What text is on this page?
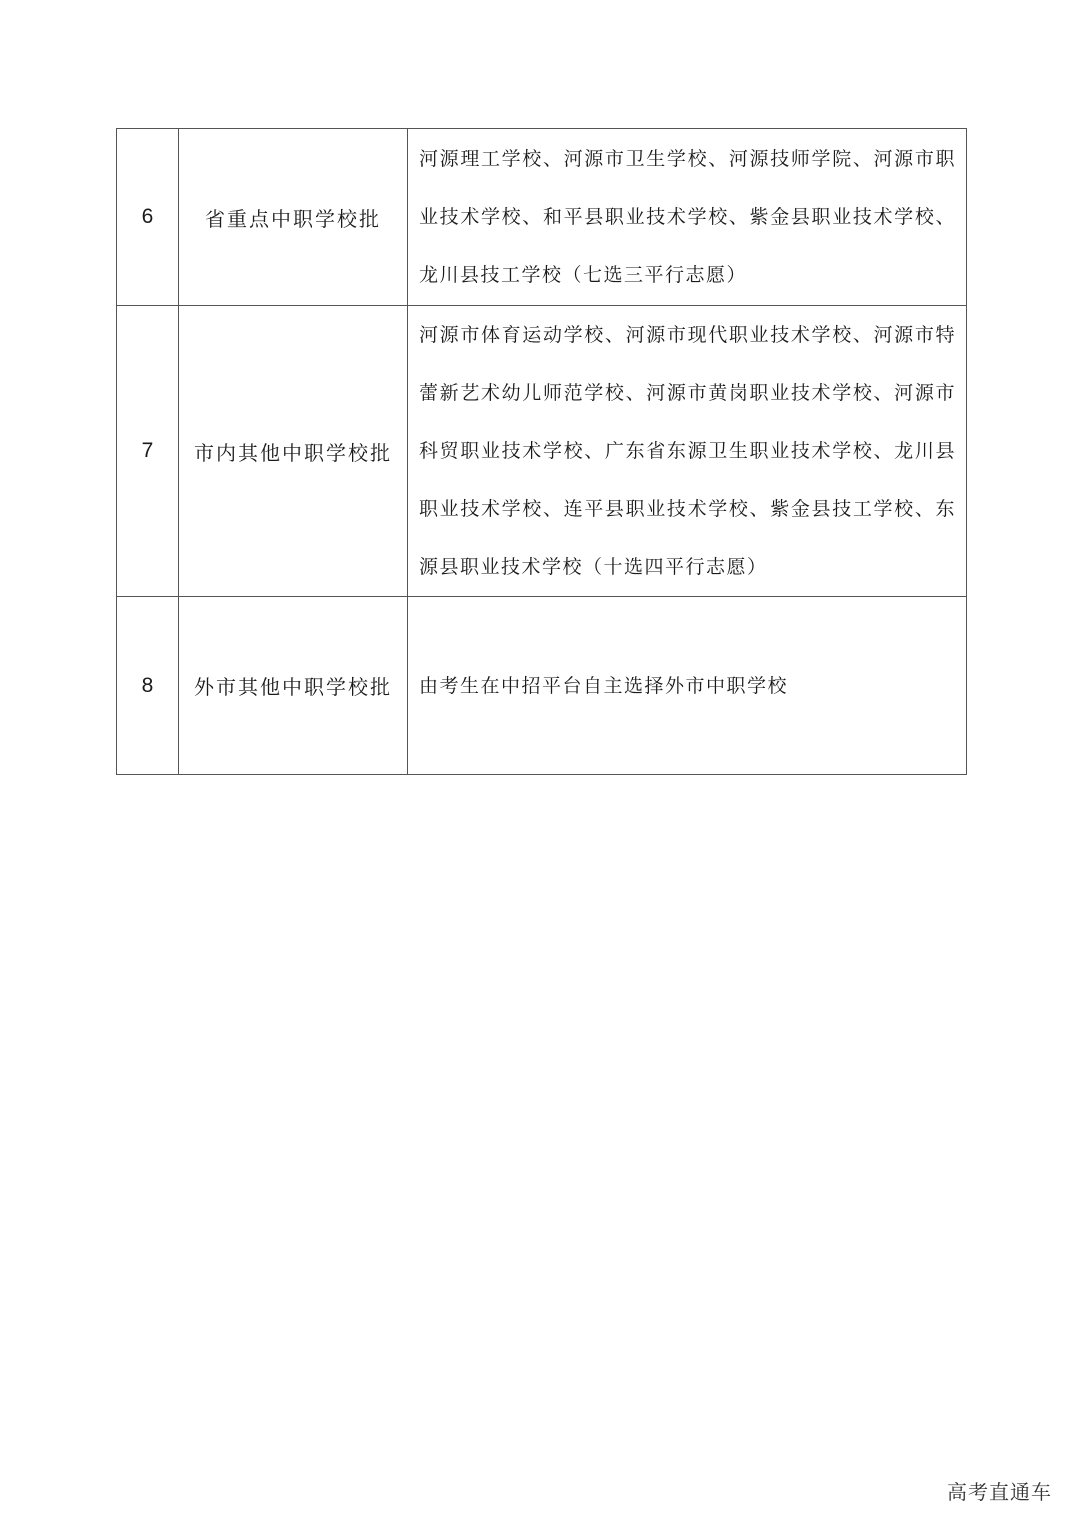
6	省重点中职学校批	河源理工学校、河源市卫生学校、河源技师学院、河源市职业技术学校、和平县职业技术学校、紫金县职业技术学校、龙川县技工学校（七选三平行志愿）

7	市内其他中职学校批	河源市体育运动学校、河源市现代职业技术学校、河源市特蕾新艺术幼儿师范学校、河源市黄岗职业技术学校、河源市科贸职业技术学校、广东省东源卫生职业技术学校、龙川县职业技术学校、连平县职业技术学校、紫金县技工学校、东源县职业技术学校（十选四平行志愿）

8	外市其他中职学校批	由考生在中招平台自主选择外市中职学校
高考直通车
